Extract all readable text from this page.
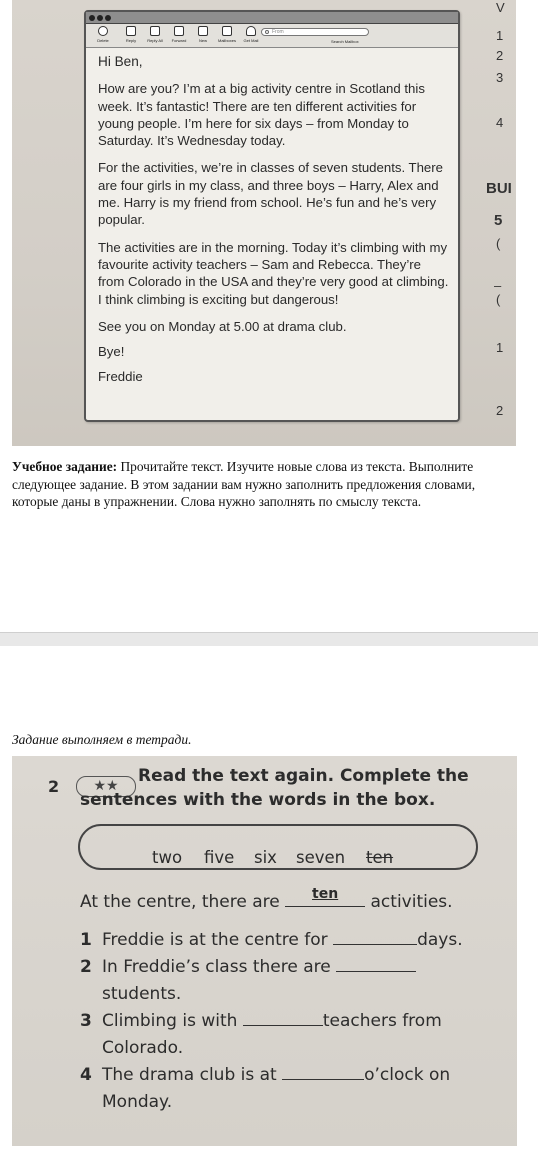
V
1
2
3
4
BUI
5
(
–
(
1
2
Delete	Reply	Reply All	Forward	New	Mailboxes	Get Mail
From
Search Mailbox

Hi Ben,

How are you? I’m at a big activity centre in Scotland this week. It’s fantastic! There are ten different activities for young people. I’m here for six days – from Monday to Saturday. It’s Wednesday today.

For the activities, we’re in classes of seven students. There are four girls in my class, and three boys – Harry, Alex and me. Harry is my friend from school. He’s fun and he’s very popular.

The activities are in the morning. Today it’s climbing with my favourite activity teachers – Sam and Rebecca. They’re from Colorado in the USA and they’re very good at climbing. I think climbing is exciting but dangerous!

See you on Monday at 5.00 at drama club.

Bye!

Freddie

Учебное задание: Прочитайте текст. Изучите новые слова из текста. Выполните следующее задание. В этом задании вам нужно заполнить предложения словами, которые даны в упражнении. Слова нужно заполнять по смыслу текста.
Задание выполняем в тетради.
2	★★	Read the text again. Complete the sentences with the words in the box.
two five six seven ten
At the centre, there are	ten	activities.
1 Freddie is at the centre for	days.
2 In Freddie’s class there are
students.
3 Climbing is with	teachers from
Colorado.
4 The drama club is at	o’clock on
Monday.
